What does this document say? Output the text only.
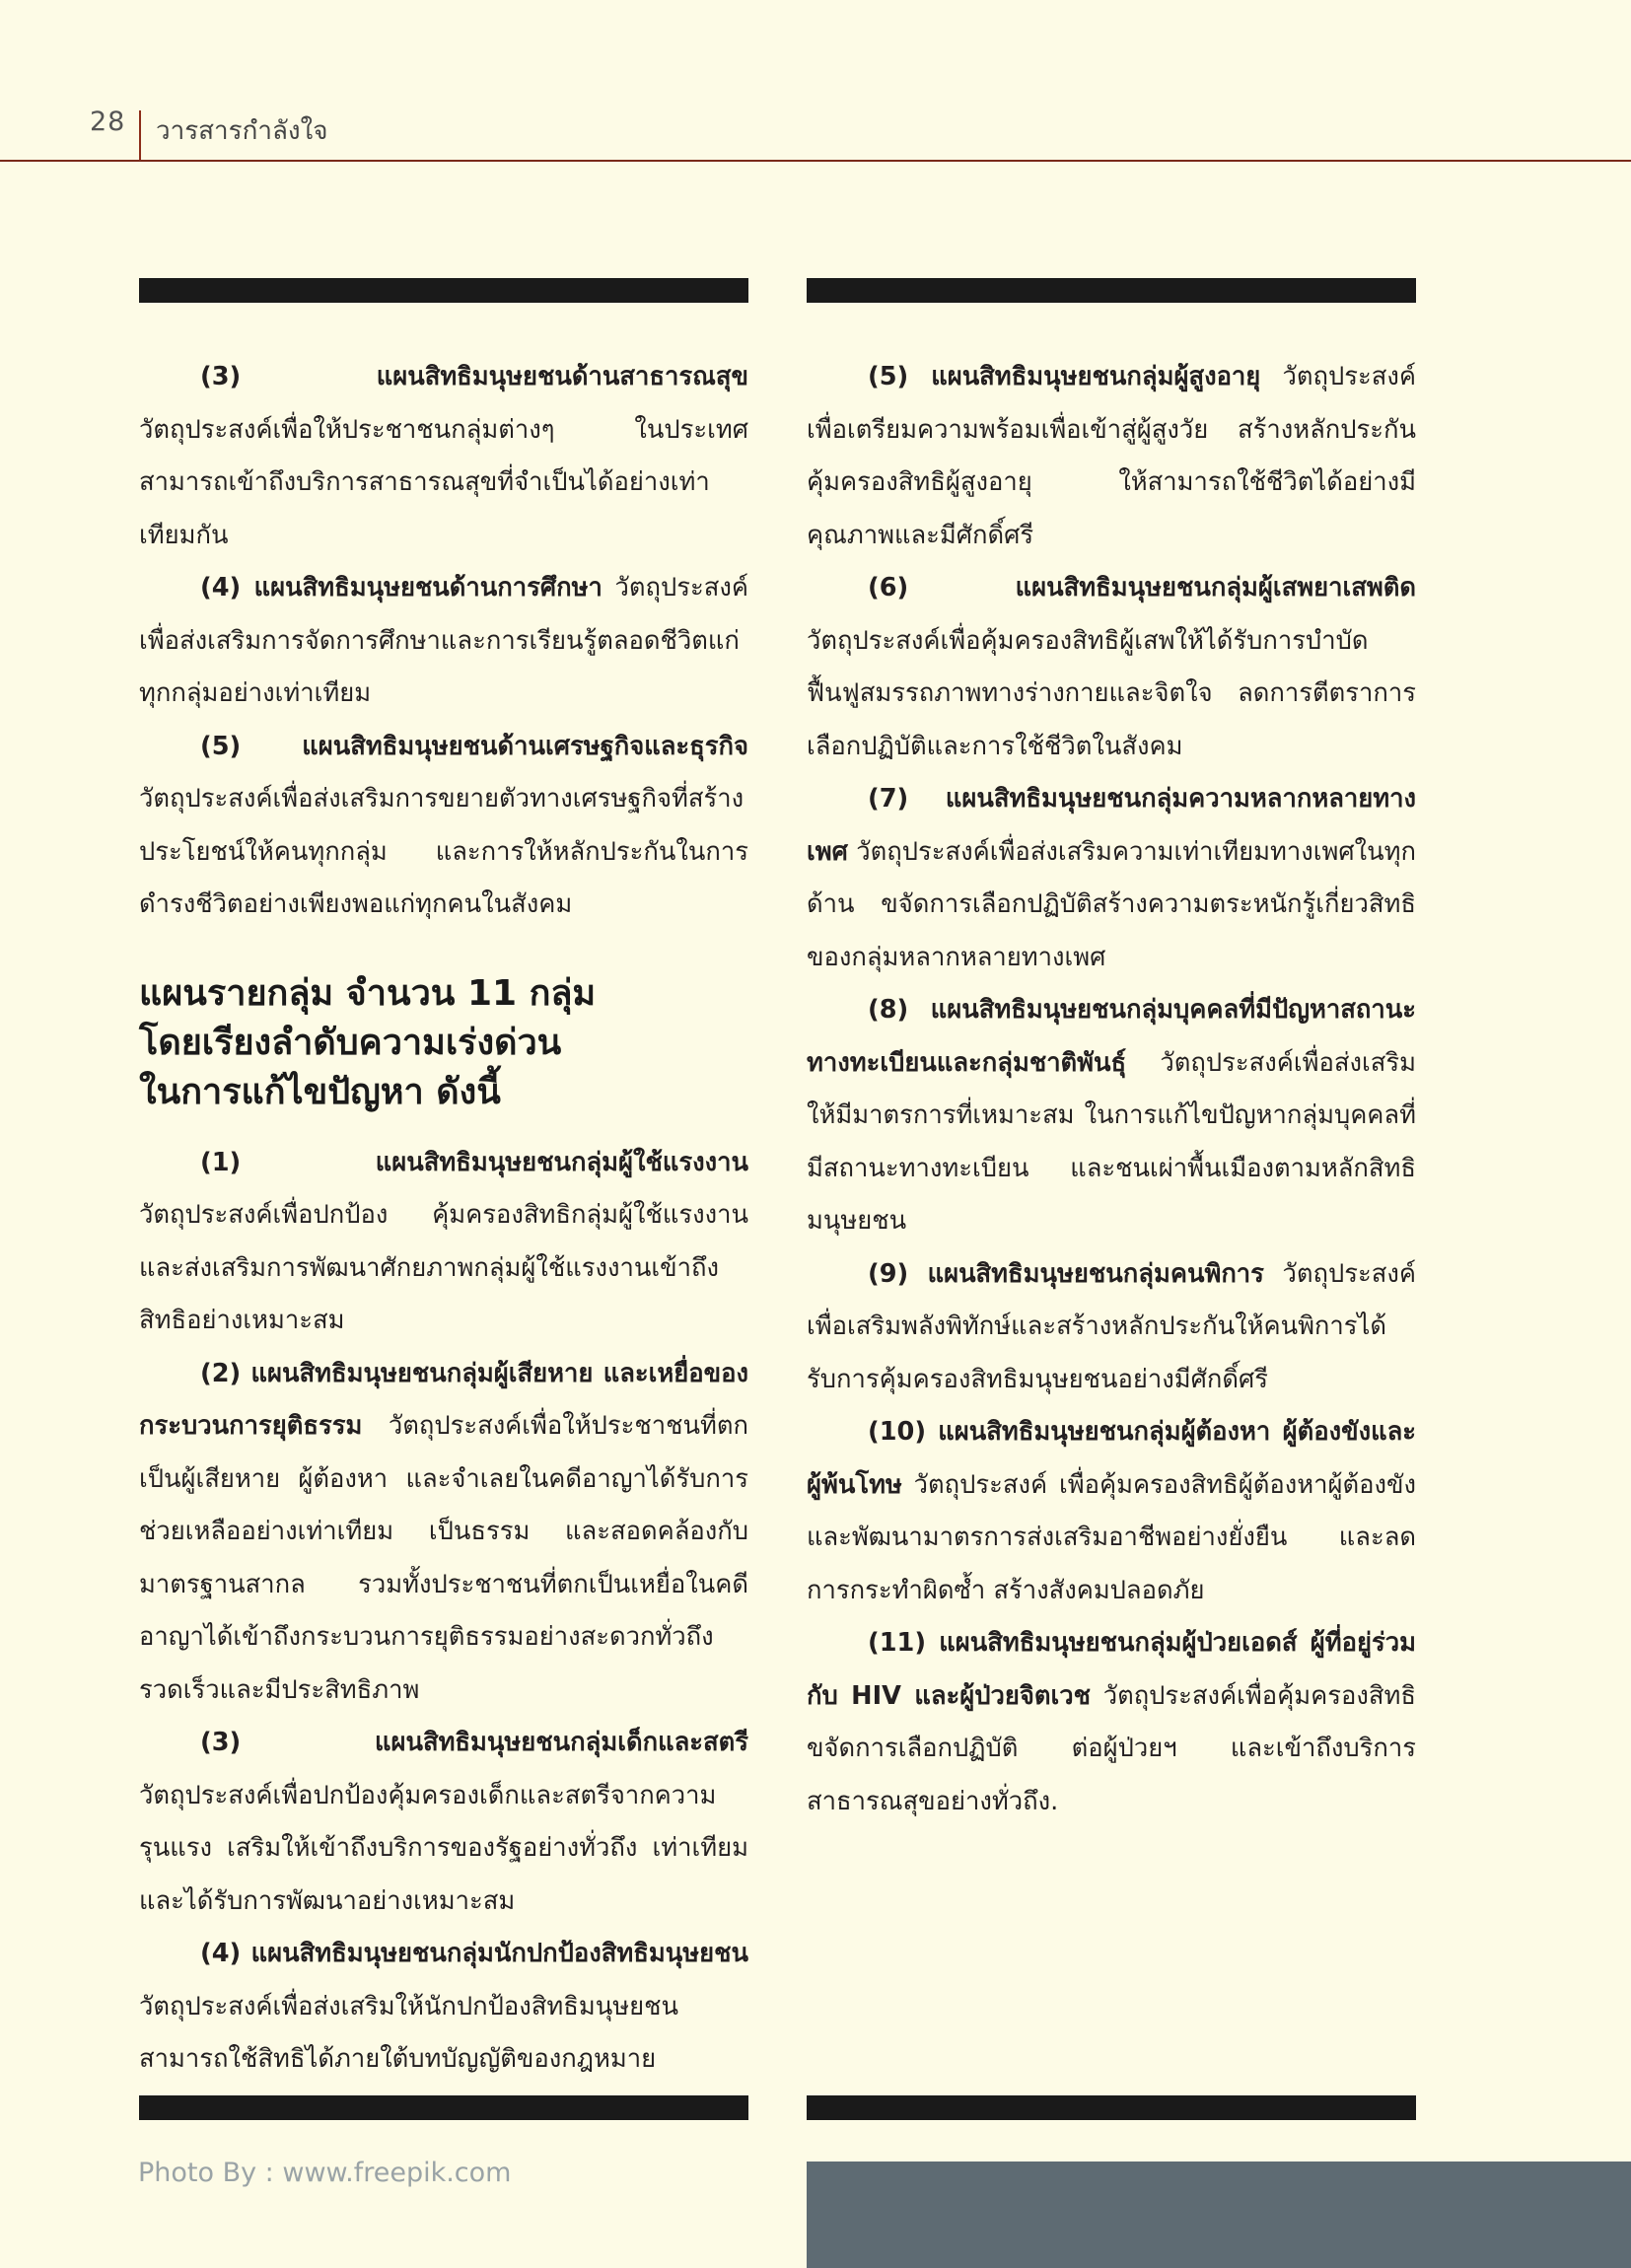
28 วารสารกำลังใจ

(3) แผนสิทธิมนุษยชนด้านสาธารณสุข วัตถุประสงค์เพื่อให้ประชาชนกลุ่มต่างๆ ในประเทศ สามารถเข้าถึงบริการสาธารณสุขที่จำเป็นได้อย่างเท่าเทียมกัน

(4) แผนสิทธิมนุษยชนด้านการศึกษา วัตถุประสงค์เพื่อส่งเสริมการจัดการศึกษาและการเรียนรู้ตลอดชีวิตแก่ทุกกลุ่มอย่างเท่าเทียม

(5) แผนสิทธิมนุษยชนด้านเศรษฐกิจและธุรกิจ วัตถุประสงค์เพื่อส่งเสริมการขยายตัวทางเศรษฐกิจที่สร้างประโยชน์ให้คนทุกกลุ่ม และการให้หลักประกันในการดำรงชีวิตอย่างเพียงพอแก่ทุกคนในสังคม

แผนรายกลุ่ม จำนวน 11 กลุ่ม
โดยเรียงลำดับความเร่งด่วน
ในการแก้ไขปัญหา ดังนี้

(1) แผนสิทธิมนุษยชนกลุ่มผู้ใช้แรงงาน วัตถุประสงค์เพื่อปกป้อง คุ้มครองสิทธิกลุ่มผู้ใช้แรงงาน และส่งเสริมการพัฒนาศักยภาพกลุ่มผู้ใช้แรงงานเข้าถึงสิทธิอย่างเหมาะสม

(2) แผนสิทธิมนุษยชนกลุ่มผู้เสียหาย และเหยื่อของกระบวนการยุติธรรม วัตถุประสงค์เพื่อให้ประชาชนที่ตกเป็นผู้เสียหาย ผู้ต้องหา และจำเลยในคดีอาญาได้รับการช่วยเหลืออย่างเท่าเทียม เป็นธรรม และสอดคล้องกับมาตรฐานสากล รวมทั้งประชาชนที่ตกเป็นเหยื่อในคดีอาญาได้เข้าถึงกระบวนการยุติธรรมอย่างสะดวกทั่วถึง รวดเร็วและมีประสิทธิภาพ

(3) แผนสิทธิมนุษยชนกลุ่มเด็กและสตรี วัตถุประสงค์เพื่อปกป้องคุ้มครองเด็กและสตรีจากความรุนแรง เสริมให้เข้าถึงบริการของรัฐอย่างทั่วถึง เท่าเทียม และได้รับการพัฒนาอย่างเหมาะสม

(4) แผนสิทธิมนุษยชนกลุ่มนักปกป้องสิทธิมนุษยชน วัตถุประสงค์เพื่อส่งเสริมให้นักปกป้องสิทธิมนุษยชนสามารถใช้สิทธิได้ภายใต้บทบัญญัติของกฎหมาย

(5) แผนสิทธิมนุษยชนกลุ่มผู้สูงอายุ วัตถุประสงค์เพื่อเตรียมความพร้อมเพื่อเข้าสู่ผู้สูงวัย สร้างหลักประกันคุ้มครองสิทธิผู้สูงอายุ ให้สามารถใช้ชีวิตได้อย่างมีคุณภาพและมีศักดิ์ศรี

(6) แผนสิทธิมนุษยชนกลุ่มผู้เสพยาเสพติด วัตถุประสงค์เพื่อคุ้มครองสิทธิผู้เสพให้ได้รับการบำบัดฟื้นฟูสมรรถภาพทางร่างกายและจิตใจ ลดการตีตราการเลือกปฏิบัติและการใช้ชีวิตในสังคม

(7) แผนสิทธิมนุษยชนกลุ่มความหลากหลายทางเพศ วัตถุประสงค์เพื่อส่งเสริมความเท่าเทียมทางเพศในทุกด้าน ขจัดการเลือกปฏิบัติสร้างความตระหนักรู้เกี่ยวสิทธิของกลุ่มหลากหลายทางเพศ

(8) แผนสิทธิมนุษยชนกลุ่มบุคคลที่มีปัญหาสถานะ ทางทะเบียนและกลุ่มชาติพันธุ์ วัตถุประสงค์เพื่อส่งเสริมให้มีมาตรการที่เหมาะสม ในการแก้ไขปัญหากลุ่มบุคคลที่มีสถานะทางทะเบียน และชนเผ่าพื้นเมืองตามหลักสิทธิมนุษยชน

(9) แผนสิทธิมนุษยชนกลุ่มคนพิการ วัตถุประสงค์เพื่อเสริมพลังพิทักษ์และสร้างหลักประกันให้คนพิการได้รับการคุ้มครองสิทธิมนุษยชนอย่างมีศักดิ์ศรี

(10) แผนสิทธิมนุษยชนกลุ่มผู้ต้องหา ผู้ต้องขังและผู้พ้นโทษ วัตถุประสงค์ เพื่อคุ้มครองสิทธิผู้ต้องหาผู้ต้องขัง และพัฒนามาตรการส่งเสริมอาชีพอย่างยั่งยืน และลดการกระทำผิดซ้ำ สร้างสังคมปลอดภัย

(11) แผนสิทธิมนุษยชนกลุ่มผู้ป่วยเอดส์ ผู้ที่อยู่ร่วมกับ HIV และผู้ป่วยจิตเวช วัตถุประสงค์เพื่อคุ้มครองสิทธิขจัดการเลือกปฏิบัติ ต่อผู้ป่วยฯ และเข้าถึงบริการสาธารณสุขอย่างทั่วถึง.

Photo By : www.freepik.com
